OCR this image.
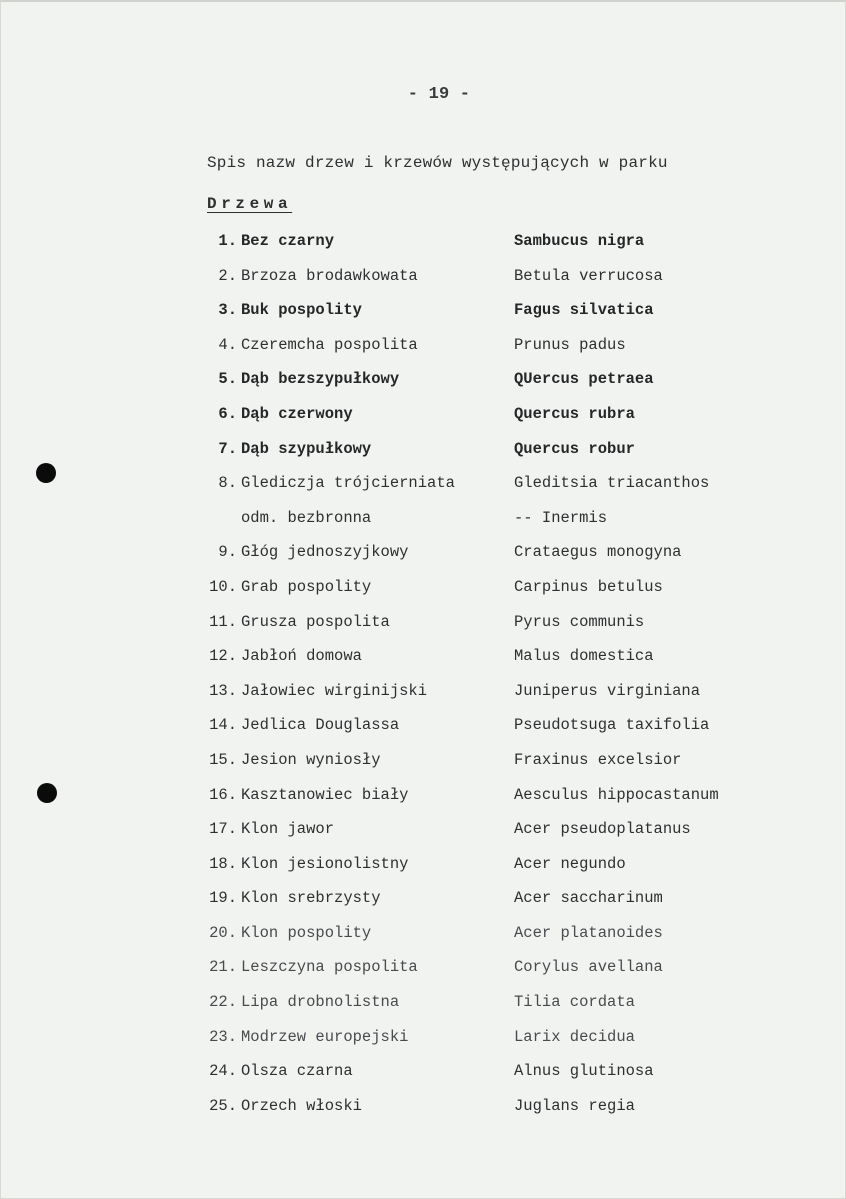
- 19 -
Spis nazw drzew i krzewów występujących w parku
Drzewa
1. Bez czarny	Sambucus nigra
2. Brzoza brodawkowata	Betula verrucosa
3. Buk pospolity	Fagus silvatica
4. Czeremcha pospolita	Prunus padus
5. Dąb bezszypułkowy	QUercus petraea
6. Dąb czerwony	Quercus rubra
7. Dąb szypułkowy	Quercus robur
8. Glediczja trójcierniata	Gleditsia triacanthos
odm. bezbronna	-- Inermis
9. Głóg jednoszyjkowy	Crataegus monogyna
10. Grab pospolity	Carpinus betulus
11. Grusza pospolita	Pyrus communis
12. Jabłoń domowa	Malus domestica
13. Jałowiec wirginijski	Juniperus virginiana
14. Jedlica Douglassa	Pseudotsuga taxifolia
15. Jesion wyniosły	Fraxinus excelsior
16. Kasztanowiec biały	Aesculus hippocastanum
17. Klon jawor	Acer pseudoplatanus
18. Klon jesionolistny	Acer negundo
19. Klon srebrzysty	Acer saccharinum
20. Klon pospolity	Acer platanoides
21. Leszczyna pospolita	Corylus avellana
22. Lipa drobnolistna	Tilia cordata
23. Modrzew europejski	Larix decidua
24. Olsza czarna	Alnus glutinosa
25. Orzech włoski	Juglans regia
